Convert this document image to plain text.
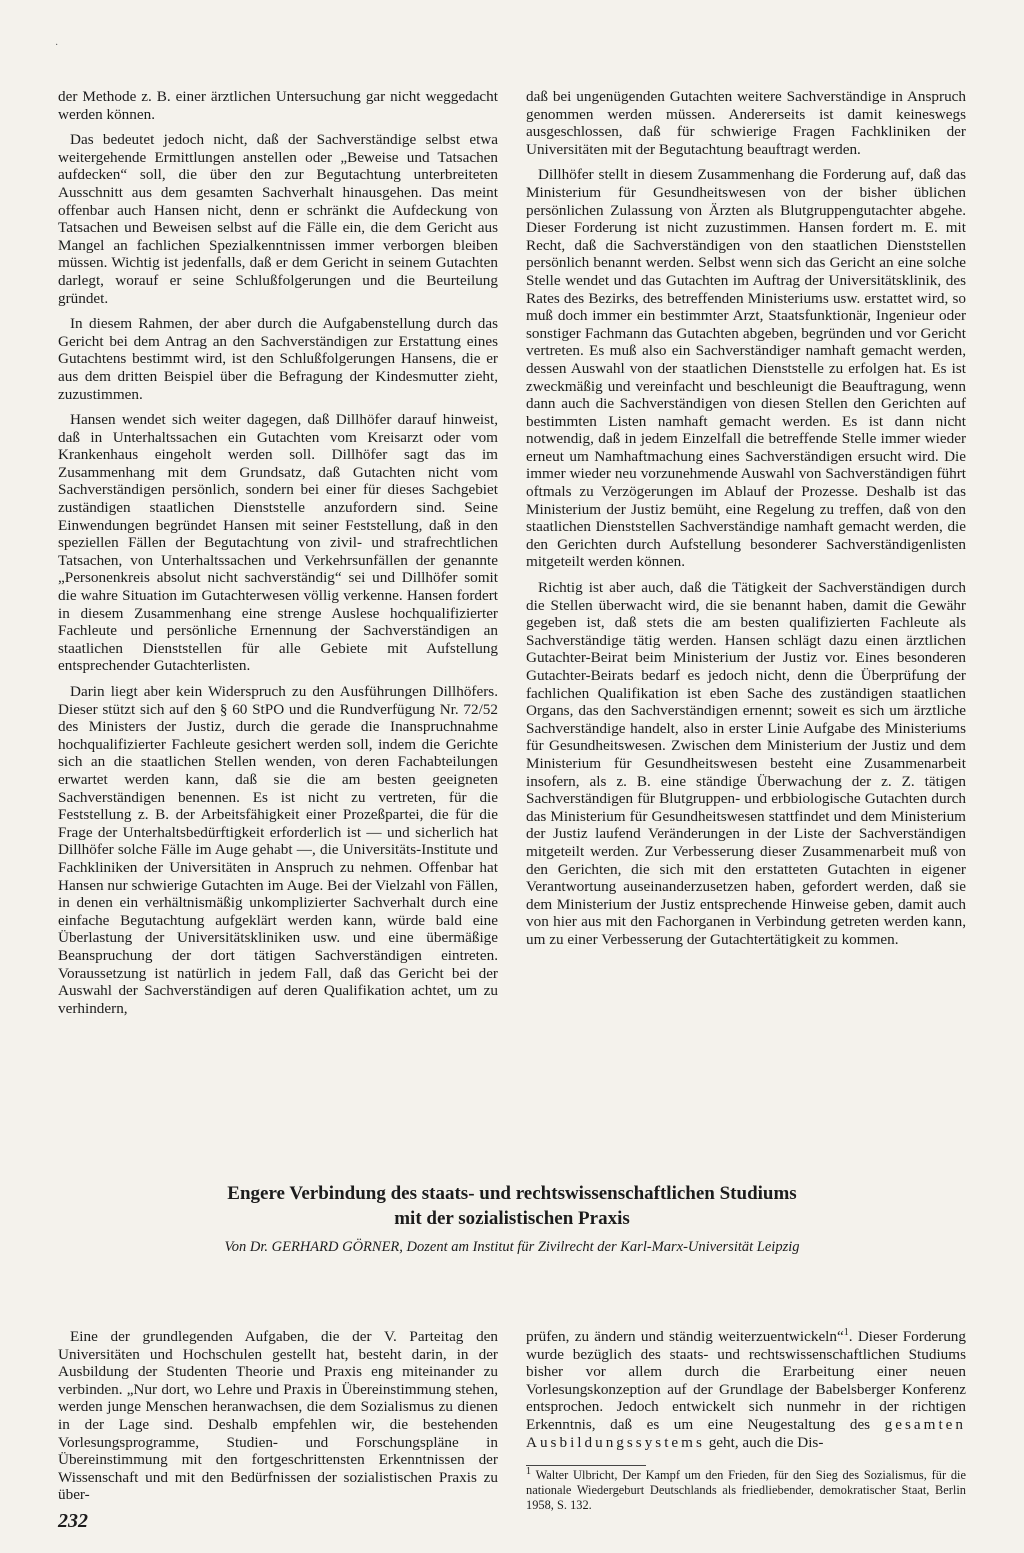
·

der Methode z. B. einer ärztlichen Untersuchung gar nicht weggedacht werden können.

Das bedeutet jedoch nicht, daß der Sachverständige selbst etwa weitergehende Ermittlungen anstellen oder „Beweise und Tatsachen aufdecken“ soll, die über den zur Begutachtung unterbreiteten Ausschnitt aus dem gesamten Sachverhalt hinausgehen. Das meint offenbar auch Hansen nicht, denn er schränkt die Aufdeckung von Tatsachen und Beweisen selbst auf die Fälle ein, die dem Gericht aus Mangel an fachlichen Spezialkenntnissen immer verborgen bleiben müssen. Wichtig ist jedenfalls, daß er dem Gericht in seinem Gutachten darlegt, worauf er seine Schlußfolgerungen und die Beurteilung gründet.

In diesem Rahmen, der aber durch die Aufgabenstellung durch das Gericht bei dem Antrag an den Sachverständigen zur Erstattung eines Gutachtens bestimmt wird, ist den Schlußfolgerungen Hansens, die er aus dem dritten Beispiel über die Befragung der Kindesmutter zieht, zuzustimmen.

Hansen wendet sich weiter dagegen, daß Dillhöfer darauf hinweist, daß in Unterhaltssachen ein Gutachten vom Kreisarzt oder vom Krankenhaus eingeholt werden soll. Dillhöfer sagt das im Zusammenhang mit dem Grundsatz, daß Gutachten nicht vom Sachverständigen persönlich, sondern bei einer für dieses Sachgebiet zuständigen staatlichen Dienststelle anzufordern sind. Seine Einwendungen begründet Hansen mit seiner Feststellung, daß in den speziellen Fällen der Begutachtung von zivil- und strafrechtlichen Tatsachen, von Unterhaltssachen und Verkehrsunfällen der genannte „Personenkreis absolut nicht sachverständig“ sei und Dillhöfer somit die wahre Situation im Gutachterwesen völlig verkenne. Hansen fordert in diesem Zusammenhang eine strenge Auslese hochqualifizierter Fachleute und persönliche Ernennung der Sachverständigen an staatlichen Dienststellen für alle Gebiete mit Aufstellung entsprechender Gutachterlisten.

Darin liegt aber kein Widerspruch zu den Ausführungen Dillhöfers. Dieser stützt sich auf den § 60 StPO und die Rundverfügung Nr. 72/52 des Ministers der Justiz, durch die gerade die Inanspruchnahme hochqualifizierter Fachleute gesichert werden soll, indem die Gerichte sich an die staatlichen Stellen wenden, von deren Fachabteilungen erwartet werden kann, daß sie die am besten geeigneten Sachverständigen benennen. Es ist nicht zu vertreten, für die Feststellung z. B. der Arbeitsfähigkeit einer Prozeßpartei, die für die Frage der Unterhaltsbedürftigkeit erforderlich ist — und sicherlich hat Dillhöfer solche Fälle im Auge gehabt —, die Universitäts-Institute und Fachkliniken der Universitäten in Anspruch zu nehmen. Offenbar hat Hansen nur schwierige Gutachten im Auge. Bei der Vielzahl von Fällen, in denen ein verhältnismäßig unkomplizierter Sachverhalt durch eine einfache Begutachtung aufgeklärt werden kann, würde bald eine Überlastung der Universitätskliniken usw. und eine übermäßige Beanspruchung der dort tätigen Sachverständigen eintreten. Voraussetzung ist natürlich in jedem Fall, daß das Gericht bei der Auswahl der Sachverständigen auf deren Qualifikation achtet, um zu verhindern,

daß bei ungenügenden Gutachten weitere Sachverständige in Anspruch genommen werden müssen. Andererseits ist damit keineswegs ausgeschlossen, daß für schwierige Fragen Fachkliniken der Universitäten mit der Begutachtung beauftragt werden.

Dillhöfer stellt in diesem Zusammenhang die Forderung auf, daß das Ministerium für Gesundheitswesen von der bisher üblichen persönlichen Zulassung von Ärzten als Blutgruppengutachter abgehe. Dieser Forderung ist nicht zuzustimmen. Hansen fordert m. E. mit Recht, daß die Sachverständigen von den staatlichen Dienststellen persönlich benannt werden. Selbst wenn sich das Gericht an eine solche Stelle wendet und das Gutachten im Auftrag der Universitätsklinik, des Rates des Bezirks, des betreffenden Ministeriums usw. erstattet wird, so muß doch immer ein bestimmter Arzt, Staatsfunktionär, Ingenieur oder sonstiger Fachmann das Gutachten abgeben, begründen und vor Gericht vertreten. Es muß also ein Sachverständiger namhaft gemacht werden, dessen Auswahl von der staatlichen Dienststelle zu erfolgen hat. Es ist zweckmäßig und vereinfacht und beschleunigt die Beauftragung, wenn dann auch die Sachverständigen von diesen Stellen den Gerichten auf bestimmten Listen namhaft gemacht werden. Es ist dann nicht notwendig, daß in jedem Einzelfall die betreffende Stelle immer wieder erneut um Namhaftmachung eines Sachverständigen ersucht wird. Die immer wieder neu vorzunehmende Auswahl von Sachverständigen führt oftmals zu Verzögerungen im Ablauf der Prozesse. Deshalb ist das Ministerium der Justiz bemüht, eine Regelung zu treffen, daß von den staatlichen Dienststellen Sachverständige namhaft gemacht werden, die den Gerichten durch Aufstellung besonderer Sachverständigenlisten mitgeteilt werden können.

Richtig ist aber auch, daß die Tätigkeit der Sachverständigen durch die Stellen überwacht wird, die sie benannt haben, damit die Gewähr gegeben ist, daß stets die am besten qualifizierten Fachleute als Sachverständige tätig werden. Hansen schlägt dazu einen ärztlichen Gutachter-Beirat beim Ministerium der Justiz vor. Eines besonderen Gutachter-Beirats bedarf es jedoch nicht, denn die Überprüfung der fachlichen Qualifikation ist eben Sache des zuständigen staatlichen Organs, das den Sachverständigen ernennt; soweit es sich um ärztliche Sachverständige handelt, also in erster Linie Aufgabe des Ministeriums für Gesundheitswesen. Zwischen dem Ministerium der Justiz und dem Ministerium für Gesundheitswesen besteht eine Zusammenarbeit insofern, als z. B. eine ständige Überwachung der z. Z. tätigen Sachverständigen für Blutgruppen- und erbbiologische Gutachten durch das Ministerium für Gesundheitswesen stattfindet und dem Ministerium der Justiz laufend Veränderungen in der Liste der Sachverständigen mitgeteilt werden. Zur Verbesserung dieser Zusammenarbeit muß von den Gerichten, die sich mit den erstatteten Gutachten in eigener Verantwortung auseinanderzusetzen haben, gefordert werden, daß sie dem Ministerium der Justiz entsprechende Hinweise geben, damit auch von hier aus mit den Fachorganen in Verbindung getreten werden kann, um zu einer Verbesserung der Gutachtertätigkeit zu kommen.

Engere Verbindung des staats- und rechtswissenschaftlichen Studiums
mit der sozialistischen Praxis
Von Dr. GERHARD GÖRNER, Dozent am Institut für Zivilrecht der Karl-Marx-Universität Leipzig

Eine der grundlegenden Aufgaben, die der V. Parteitag den Universitäten und Hochschulen gestellt hat, besteht darin, in der Ausbildung der Studenten Theorie und Praxis eng miteinander zu verbinden. „Nur dort, wo Lehre und Praxis in Übereinstimmung stehen, werden junge Menschen heranwachsen, die dem Sozialismus zu dienen in der Lage sind. Deshalb empfehlen wir, die bestehenden Vorlesungsprogramme, Studien- und Forschungspläne in Übereinstimmung mit den fortgeschrittensten Erkenntnissen der Wissenschaft und mit den Bedürfnissen der sozialistischen Praxis zu über-

prüfen, zu ändern und ständig weiterzuentwickeln“$^1$. Dieser Forderung wurde bezüglich des staats- und rechtswissenschaftlichen Studiums bisher vor allem durch die Erarbeitung einer neuen Vorlesungskonzeption auf der Grundlage der Babelsberger Konferenz entsprochen. Jedoch entwickelt sich nunmehr in der richtigen Erkenntnis, daß es um eine Neugestaltung des gesamten Ausbildungssystems geht, auch die Dis-

$^1$ Walter Ulbricht, Der Kampf um den Frieden, für den Sieg des Sozialismus, für die nationale Wiedergeburt Deutschlands als friedliebender, demokratischer Staat, Berlin 1958, S. 132.
232
